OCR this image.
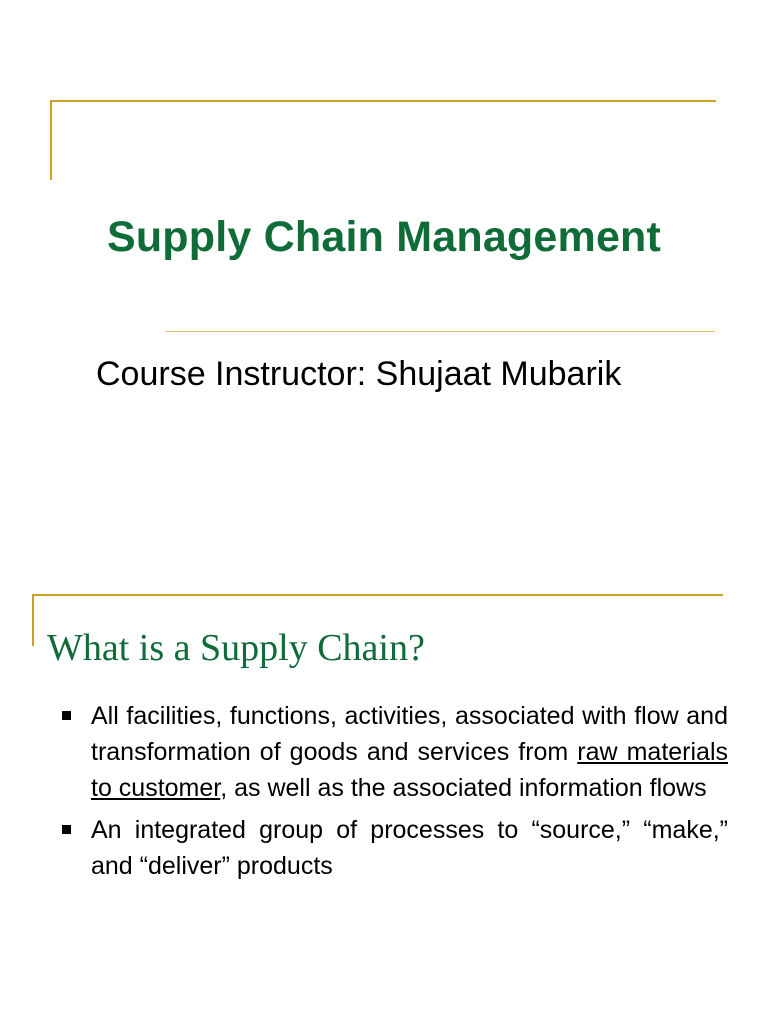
Supply Chain Management
Course Instructor: Shujaat Mubarik
What is a Supply Chain?
All facilities, functions, activities, associated with flow and transformation of goods and services from raw materials to customer, as well as the associated information flows
An integrated group of processes to “source,” “make,” and “deliver” products
